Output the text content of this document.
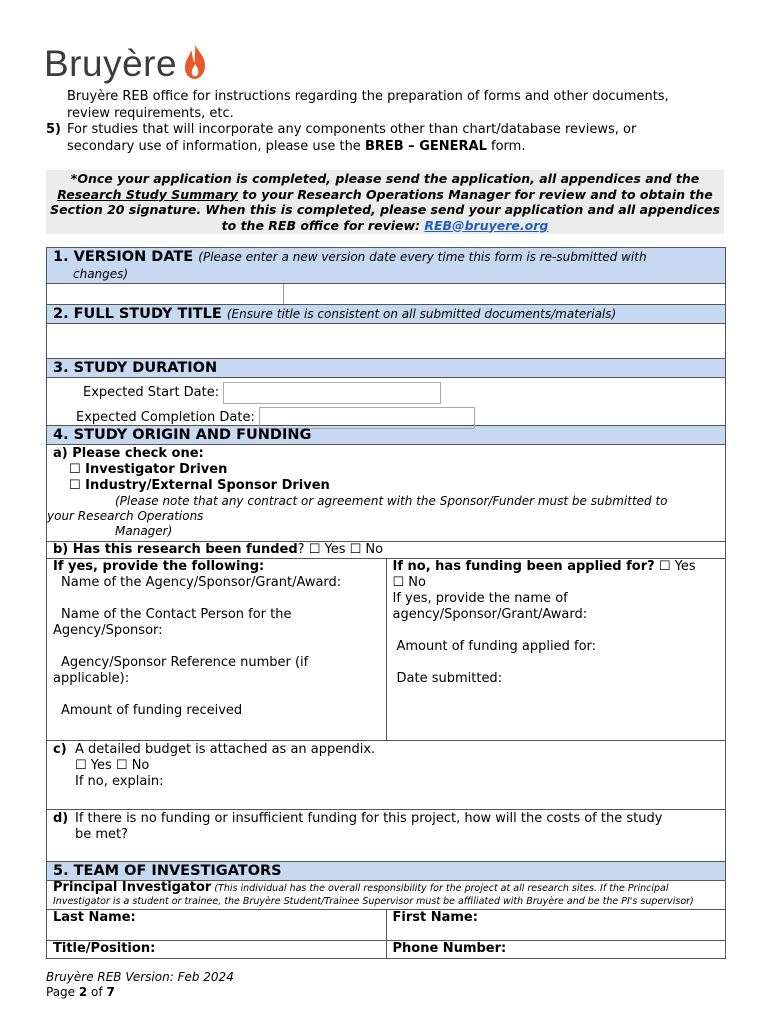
Bruyère
Bruyère REB office for instructions regarding the preparation of forms and other documents,
review requirements, etc.
5) For studies that will incorporate any components other than chart/database reviews, or
secondary use of information, please use the BREB – GENERAL form.
*Once your application is completed, please send the application, all appendices and the
Research Study Summary to your Research Operations Manager for review and to obtain the
Section 20 signature. When this is completed, please send your application and all appendices
to the REB office for review: REB@bruyere.org
1. VERSION DATE (Please enter a new version date every time this form is re-submitted with
changes)
2. FULL STUDY TITLE (Ensure title is consistent on all submitted documents/materials)
3. STUDY DURATION
Expected Start Date:
Expected Completion Date:
4. STUDY ORIGIN AND FUNDING
a) Please check one:
☐ Investigator Driven
☐ Industry/External Sponsor Driven
(Please note that any contract or agreement with the Sponsor/Funder must be submitted to
your Research Operations
Manager)
b) Has this research been funded? ☐ Yes ☐ No
If yes, provide the following:
Name of the Agency/Sponsor/Grant/Award:
Name of the Contact Person for the
Agency/Sponsor:
Agency/Sponsor Reference number (if
applicable):
Amount of funding received
If no, has funding been applied for? ☐ Yes
☐ No
If yes, provide the name of
agency/Sponsor/Grant/Award:
Amount of funding applied for:
Date submitted:
c) A detailed budget is attached as an appendix.
☐ Yes ☐ No
If no, explain:
d) If there is no funding or insufficient funding for this project, how will the costs of the study
be met?
5. TEAM OF INVESTIGATORS
Principal Investigator (This individual has the overall responsibility for the project at all research sites. If the Principal Investigator is a student or trainee, the Bruyère Student/Trainee Supervisor must be affiliated with Bruyère and be the PI's supervisor)
Last Name:	First Name:
Title/Position:	Phone Number:
Bruyère REB Version: Feb 2024
Page 2 of 7
